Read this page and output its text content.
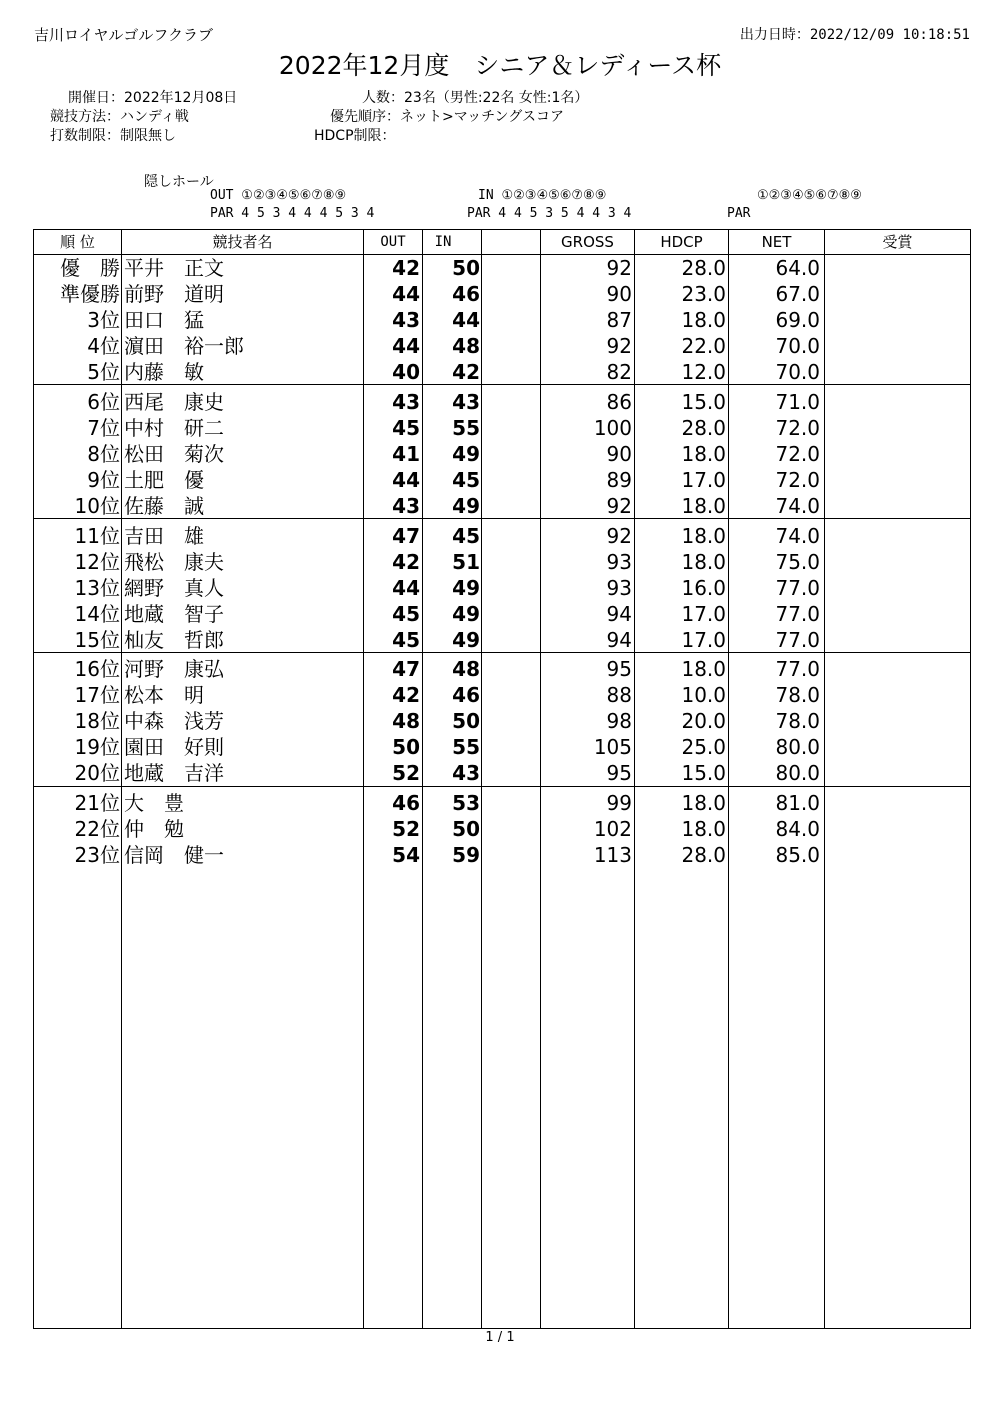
吉川ロイヤルゴルフクラブ	出力日時：2022/12/09 10:18:51
2022年12月度　シニア＆レディース杯
開催日：2022年12月08日
競技方法：ハンディ戦
打数制限：制限無し
人数：23名（男性:22名 女性:1名）
優先順序：ネット>マッチングスコア
HDCP制限：
隠しホール
OUT ①②③④⑤⑥⑦⑧⑨
PAR 4 5 3 4 4 4 5 3 4
IN ①②③④⑤⑥⑦⑧⑨
PAR 4 4 5 3 5 4 4 3 4
①②③④⑤⑥⑦⑧⑨
PAR
順 位	競技者名	OUT	IN	GROSS	HDCP	NET	受賞
優　勝 平井　正文	42	50	92	28.0	64.0
準優勝 前野　道明	44	46	90	23.0	67.0
3位 田口　猛	43	44	87	18.0	69.0
4位 濵田　裕一郎	44	48	92	22.0	70.0
5位 内藤　敏	40	42	82	12.0	70.0
6位 西尾　康史	43	43	86	15.0	71.0
7位 中村　研二	45	55	100	28.0	72.0
8位 松田　菊次	41	49	90	18.0	72.0
9位 土肥　優	44	45	89	17.0	72.0
10位 佐藤　誠	43	49	92	18.0	74.0
11位 吉田　雄	47	45	92	18.0	74.0
12位 飛松　康夫	42	51	93	18.0	75.0
13位 網野　真人	44	49	93	16.0	77.0
14位 地蔵　智子	45	49	94	17.0	77.0
15位 杣友　哲郎	45	49	94	17.0	77.0
16位 河野　康弘	47	48	95	18.0	77.0
17位 松本　明	42	46	88	10.0	78.0
18位 中森　浅芳	48	50	98	20.0	78.0
19位 園田　好則	50	55	105	25.0	80.0
20位 地蔵　吉洋	52	43	95	15.0	80.0
21位 大　豊	46	53	99	18.0	81.0
22位 仲　勉	52	50	102	18.0	84.0
23位 信岡　健一	54	59	113	28.0	85.0
1 / 1
